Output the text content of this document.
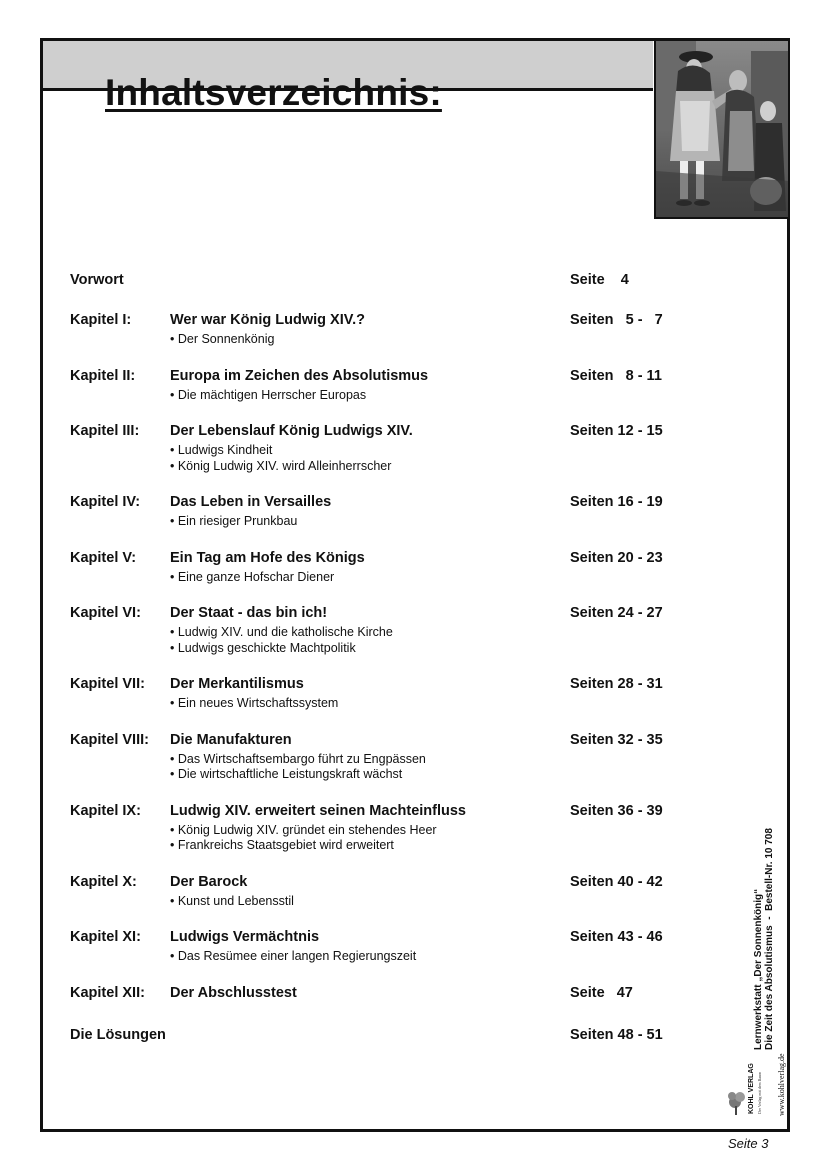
Inhaltsverzeichnis:
Vorwort	Seite    4
Kapitel I:	Wer war König Ludwig XIV.?	Seiten   5 -   7
• Der Sonnenkönig
Kapitel II: Europa im Zeichen des Absolutismus	Seiten   8 - 11
• Die mächtigen Herrscher Europas
Kapitel III: Der Lebenslauf König Ludwigs XIV.	Seiten 12 - 15
• Ludwigs Kindheit
• König Ludwig XIV. wird Alleinherrscher
Kapitel IV: Das Leben in Versailles	Seiten 16 - 19
• Ein riesiger Prunkbau
Kapitel V: Ein Tag am Hofe des Königs	Seiten 20 - 23
• Eine ganze Hofschar Diener
Kapitel VI: Der Staat - das bin ich!	Seiten 24 - 27
• Ludwig XIV. und die katholische Kirche
• Ludwigs geschickte Machtpolitik
Kapitel VII: Der Merkantilismus	Seiten 28 - 31
• Ein neues Wirtschaftssystem
Kapitel VIII: Die Manufakturen	Seiten 32 - 35
• Das Wirtschaftsembargo führt zu Engpässen
• Die wirtschaftliche Leistungskraft wächst
Kapitel IX: Ludwig XIV. erweitert seinen Machteinfluss	Seiten 36 - 39
• König Ludwig XIV. gründet ein stehendes Heer
• Frankreichs Staatsgebiet wird erweitert
Kapitel X: Der Barock	Seiten 40 - 42
• Kunst und Lebensstil
Kapitel XI: Ludwigs Vermächtnis	Seiten 43 - 46
• Das Resümee einer langen Regierungszeit
Kapitel XII: Der Abschlusstest	Seite   47
Die Lösungen	Seiten 48 - 51	Lernwerkstatt „Der Sonnenkönig“ Die Zeit des Absolutismus  -  Bestell-Nr. 10 708
www.kohlverlag.de
KOHL VERLAG Der Verlag mit dem Baum
Seite 3
